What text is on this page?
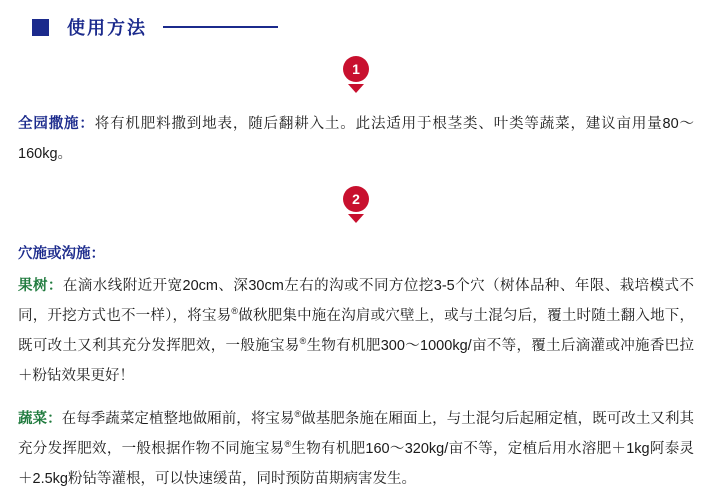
使用方法
1

全园撒施：将有机肥料撒到地表，随后翻耕入土。此法适用于根茎类、叶类等蔬菜，建议亩用量80～160kg。

2

穴施或沟施：

果树：在滴水线附近开宽20cm、深30cm左右的沟或不同方位挖3-5个穴（树体品种、年限、栽培模式不同，开挖方式也不一样），将宝易®做秋肥集中施在沟肩或穴壁上，或与土混匀后，覆土时随土翻入地下，既可改土又利其充分发挥肥效，一般施宝易®生物有机肥300～1000kg/亩不等，覆土后滴灌或冲施香巴拉＋粉钻效果更好！

蔬菜：在每季蔬菜定植整地做厢前，将宝易®做基肥条施在厢面上，与土混匀后起厢定植，既可改土又利其充分发挥肥效，一般根据作物不同施宝易®生物有机肥160～320kg/亩不等，定植后用水溶肥＋1kg阿泰灵＋2.5kg粉钻等灌根，可以快速缓苗，同时预防苗期病害发生。
